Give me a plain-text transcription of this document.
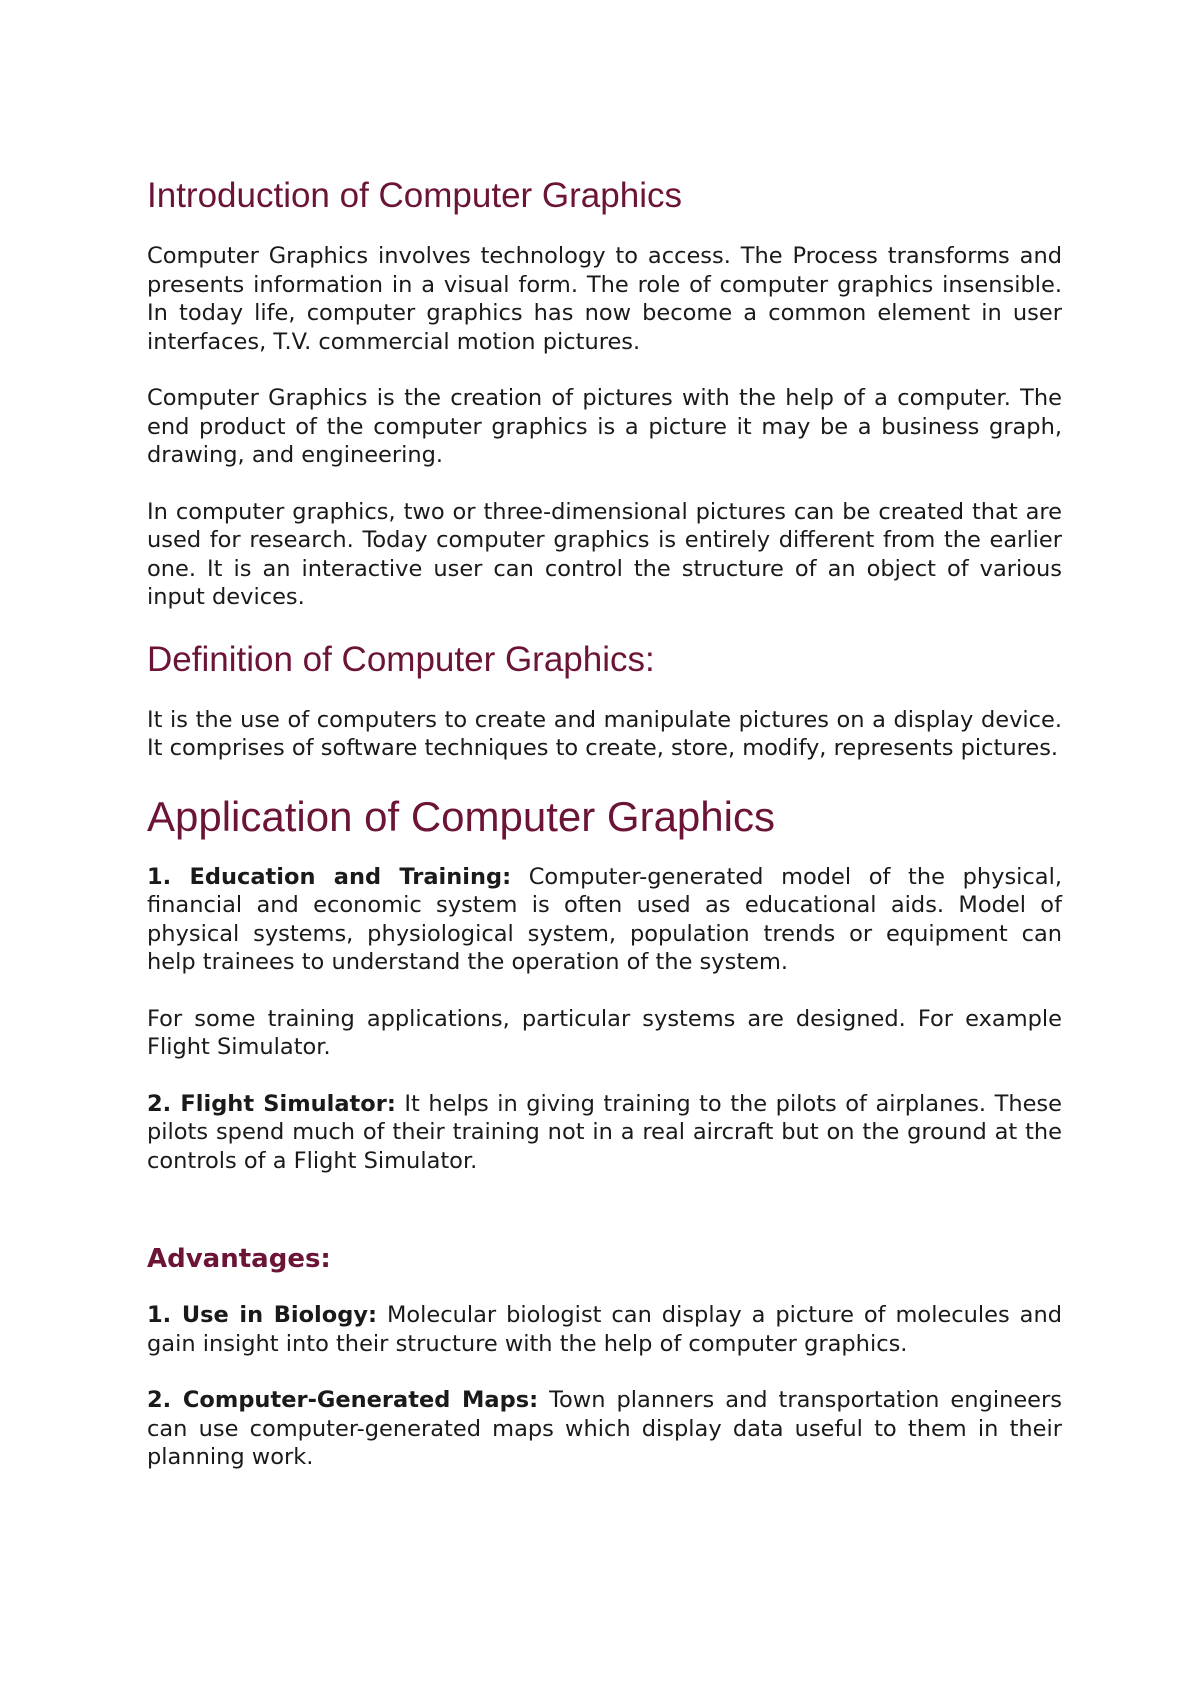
Introduction of Computer Graphics

Computer Graphics involves technology to access. The Process transforms and presents information in a visual form. The role of computer graphics insensible. In today life, computer graphics has now become a common element in user interfaces, T.V. commercial motion pictures.

Computer Graphics is the creation of pictures with the help of a computer. The end product of the computer graphics is a picture it may be a business graph, drawing, and engineering.

In computer graphics, two or three-dimensional pictures can be created that are used for research. Today computer graphics is entirely different from the earlier one. It is an interactive user can control the structure of an object of various input devices.

Definition of Computer Graphics:

It is the use of computers to create and manipulate pictures on a display device. It comprises of software techniques to create, store, modify, represents pictures.

Application of Computer Graphics

1. Education and Training: Computer-generated model of the physical, financial and economic system is often used as educational aids. Model of physical systems, physiological system, population trends or equipment can help trainees to understand the operation of the system.

For some training applications, particular systems are designed. For example Flight Simulator.

2. Flight Simulator: It helps in giving training to the pilots of airplanes. These pilots spend much of their training not in a real aircraft but on the ground at the controls of a Flight Simulator.

Advantages:

1. Use in Biology: Molecular biologist can display a picture of molecules and gain insight into their structure with the help of computer graphics.

2. Computer-Generated Maps: Town planners and transportation engineers can use computer-generated maps which display data useful to them in their planning work.
